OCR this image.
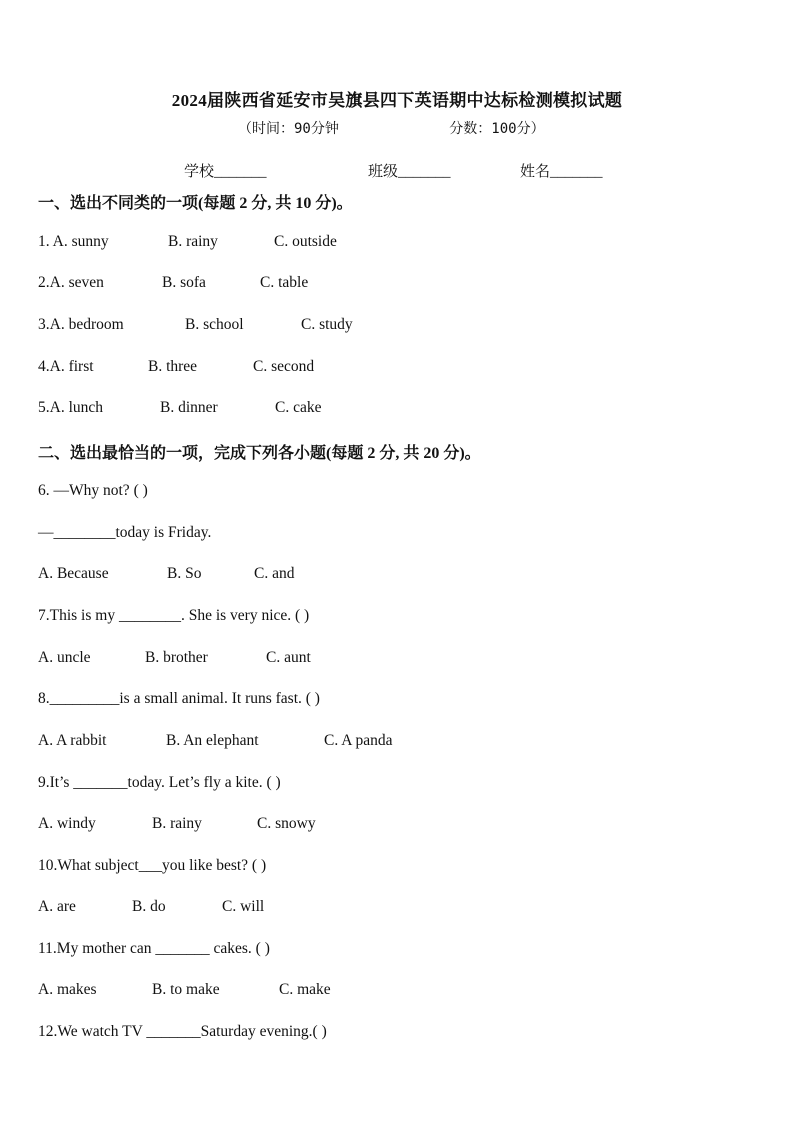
2024届陕西省延安市吴旗县四下英语期中达标检测模拟试题
（时间：90分钟	分数：100分）
学校_______	班级_______	姓名_______
一、选出不同类的一项(每题 2 分, 共 10 分)。
1. A. sunny	B. rainy	C. outside
2.A. seven	B. sofa	C. table
3.A. bedroom	B. school	C. study
4.A. first	B. three	C. second
5.A. lunch	B. dinner	C. cake
二、选出最恰当的一项，完成下列各小题(每题 2 分, 共 20 分)。
6. —Why not? ( )
—________today is Friday.
A. Because	B. So	C. and
7.This is my ________. She is very nice. ( )
A. uncle	B. brother	C. aunt
8._________is a small animal. It runs fast. ( )
A. A rabbit	B. An elephant	C. A panda
9.It’s _______today. Let’s fly a kite. ( )
A. windy	B. rainy	C. snowy
10.What subject___you like best? ( )
A. are	B. do	C. will
11.My mother can _______ cakes. ( )
A. makes	B. to make	C. make
12.We watch TV _______Saturday evening.( )
